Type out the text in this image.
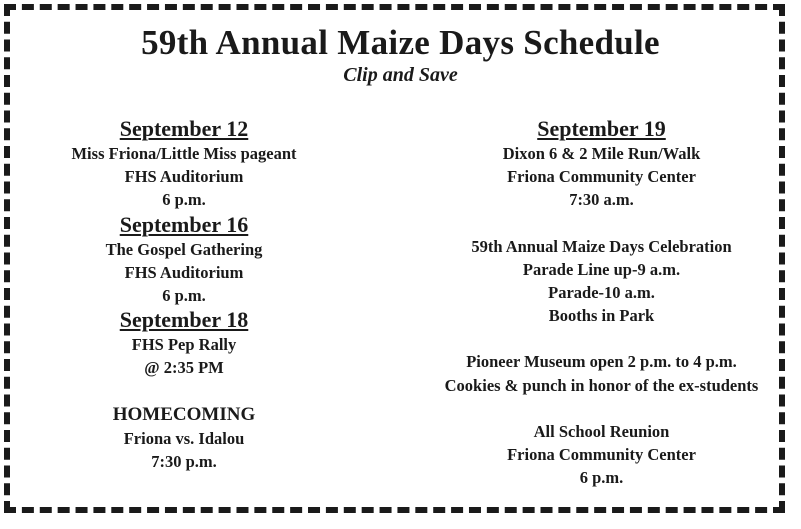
59th Annual Maize Days Schedule
Clip and Save
September 12
Miss Friona/Little Miss pageant
FHS Auditorium
6 p.m.
September 16
The Gospel Gathering
FHS Auditorium
6 p.m.
September 18
FHS Pep Rally
@ 2:35 PM
HOMECOMING
Friona vs. Idalou
7:30 p.m.
September 19
Dixon 6 & 2 Mile Run/Walk
Friona Community Center
7:30 a.m.
59th Annual Maize Days Celebration
Parade Line up-9 a.m.
Parade-10 a.m.
Booths in Park
Pioneer Museum open 2 p.m. to 4 p.m.
Cookies & punch in honor of the ex-students
All School Reunion
Friona Community Center
6 p.m.
